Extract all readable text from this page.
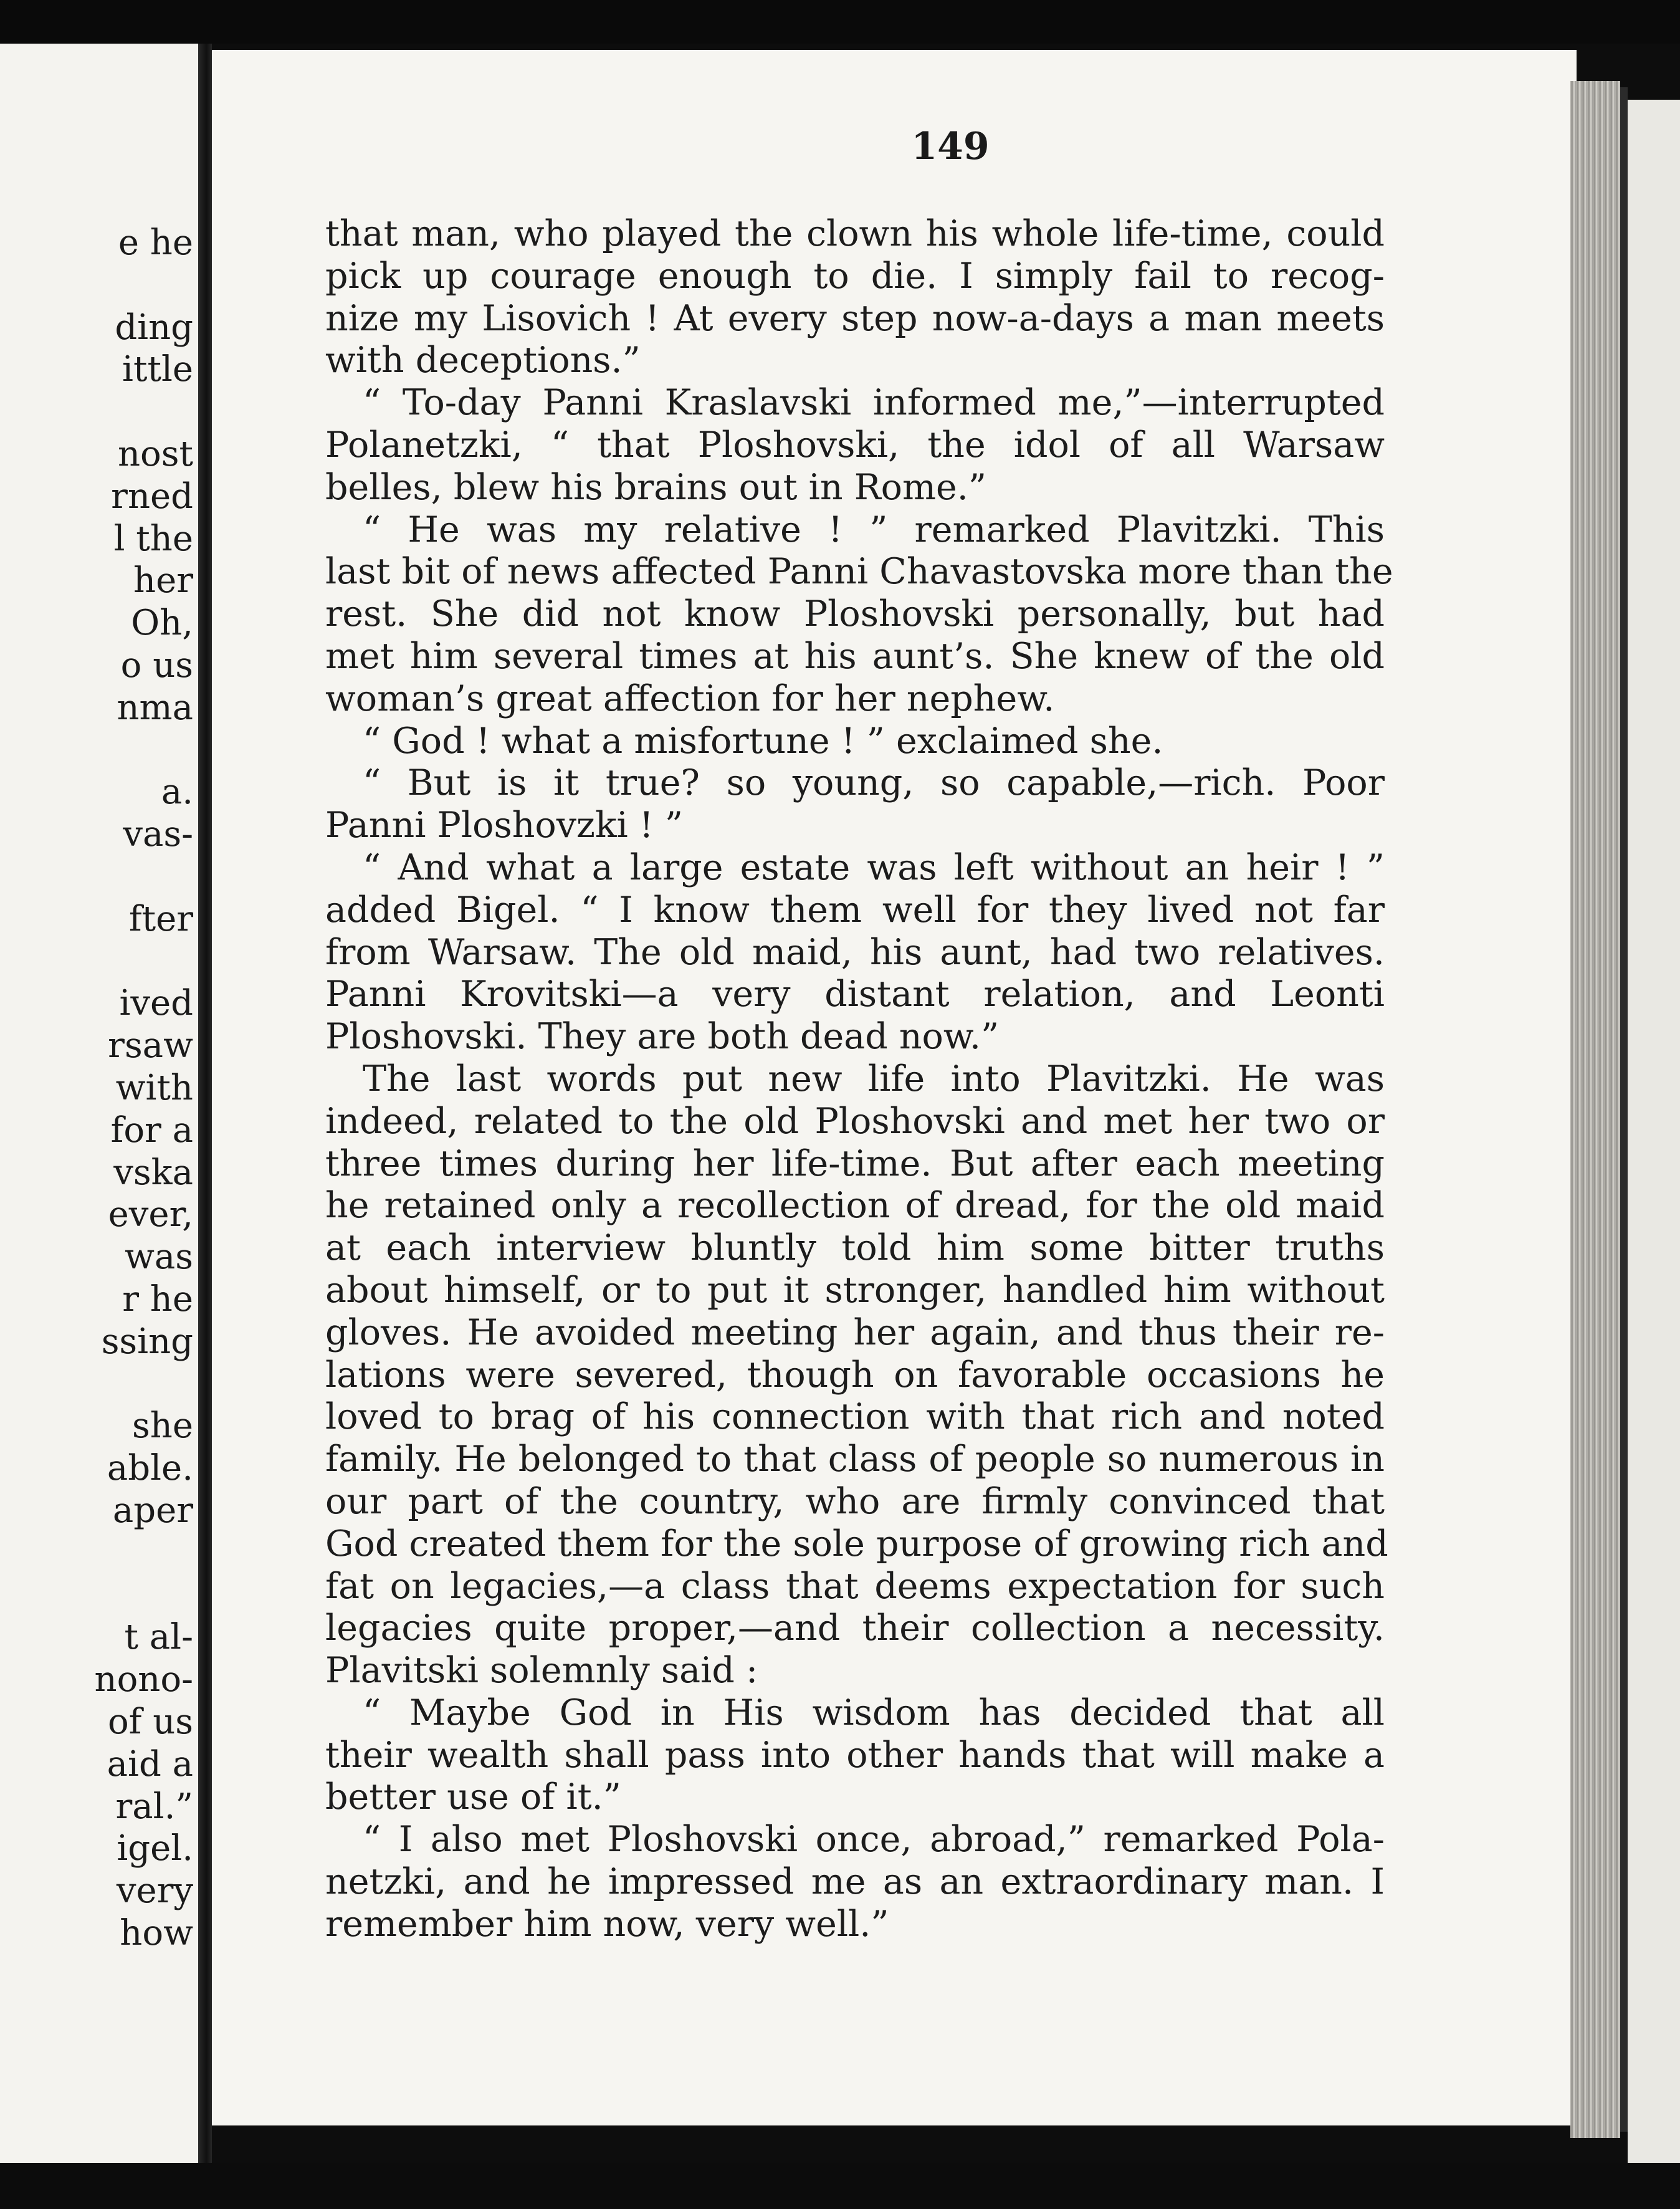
e he
ding
ittle
nost
rned
l the
her
Oh,
o us
nma
a.
vas-
fter
ived
rsaw
with
for a
vska
ever,
was
r he
ssing
she
able.
aper
t al-
nono-
of us
aid a
ral.”
igel.
very
how
149
that man, who played the clown his whole life-time, could
pick up courage enough to die. I simply fail to recog-
nize my Lisovich ! At every step now-a-days a man meets
with deceptions.”
“ To-day Panni Kraslavski informed me,”—interrupted
Polanetzki, “ that Ploshovski, the idol of all Warsaw
belles, blew his brains out in Rome.”
“ He was my relative ! ” remarked Plavitzki. This
last bit of news affected Panni Chavastovska more than the
rest. She did not know Ploshovski personally, but had
met him several times at his aunt’s. She knew of the old
woman’s great affection for her nephew.
“ God ! what a misfortune ! ” exclaimed she.
“ But is it true? so young, so capable,—rich. Poor
Panni Ploshovzki ! ”
“ And what a large estate was left without an heir ! ”
added Bigel. “ I know them well for they lived not far
from Warsaw. The old maid, his aunt, had two relatives.
Panni Krovitski—a very distant relation, and Leonti
Ploshovski. They are both dead now.”
The last words put new life into Plavitzki. He was
indeed, related to the old Ploshovski and met her two or
three times during her life-time. But after each meeting
he retained only a recollection of dread, for the old maid
at each interview bluntly told him some bitter truths
about himself, or to put it stronger, handled him without
gloves. He avoided meeting her again, and thus their re-
lations were severed, though on favorable occasions he
loved to brag of his connection with that rich and noted
family. He belonged to that class of people so numerous in
our part of the country, who are firmly convinced that
God created them for the sole purpose of growing rich and
fat on legacies,—a class that deems expectation for such
legacies quite proper,—and their collection a necessity.
Plavitski solemnly said :
“ Maybe God in His wisdom has decided that all
their wealth shall pass into other hands that will make a
better use of it.”
“ I also met Ploshovski once, abroad,” remarked Pola-
netzki, and he impressed me as an extraordinary man. I
remember him now, very well.”
